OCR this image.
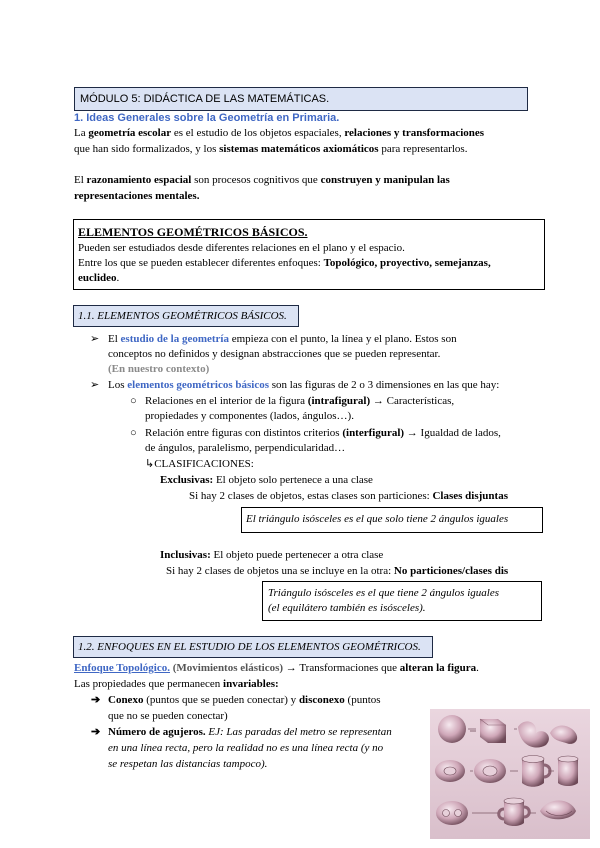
MÓDULO 5: DIDÁCTICA DE LAS MATEMÁTICAS.
1. Ideas Generales sobre la Geometría en Primaria.
La geometría escolar es el estudio de los objetos espaciales, relaciones y transformaciones
que han sido formalizados, y los sistemas matemáticos axiomáticos para representarlos.
El razonamiento espacial son procesos cognitivos que construyen y manipulan las
representaciones mentales.
ELEMENTOS GEOMÉTRICOS BÁSICOS.
Pueden ser estudiados desde diferentes relaciones en el plano y el espacio.
Entre los que se pueden establecer diferentes enfoques: Topológico, proyectivo, semejanzas,
euclideo.
1.1. ELEMENTOS GEOMÉTRICOS BÁSICOS.
➢ El estudio de la geometría empieza con el punto, la línea y el plano. Estos son
conceptos no definidos y designan abstracciones que se pueden representar.
(En nuestro contexto)
➢ Los elementos geométricos básicos son las figuras de 2 o 3 dimensiones en las que hay:
○ Relaciones en el interior de la figura (intrafigural) → Características,
propiedades y componentes (lados, ángulos…).
○ Relación entre figuras con distintos criterios (interfigural) → Igualdad de lados,
de ángulos, paralelismo, perpendicularidad…
↳CLASIFICACIONES:
Exclusivas: El objeto solo pertenece a una clase
Si hay 2 clases de objetos, estas clases son particiones: Clases disjuntas
El triángulo isósceles es el que solo tiene 2 ángulos iguales
Inclusivas: El objeto puede pertenecer a otra clase
Si hay 2 clases de objetos una se incluye en la otra: No particiones/clases dis
Triángulo isósceles es el que tiene 2 ángulos iguales
(el equilátero también es isósceles).
1.2. ENFOQUES EN EL ESTUDIO DE LOS ELEMENTOS GEOMÉTRICOS.
Enfoque Topológico. (Movimientos elásticos) → Transformaciones que alteran la figura.
Las propiedades que permanecen invariables:
➔ Conexo (puntos que se pueden conectar) y disconexo (puntos
que no se pueden conectar)
➔ Número de agujeros. EJ: Las paradas del metro se representan
en una línea recta, pero la realidad no es una línea recta (y no
se respetan las distancias tampoco).
